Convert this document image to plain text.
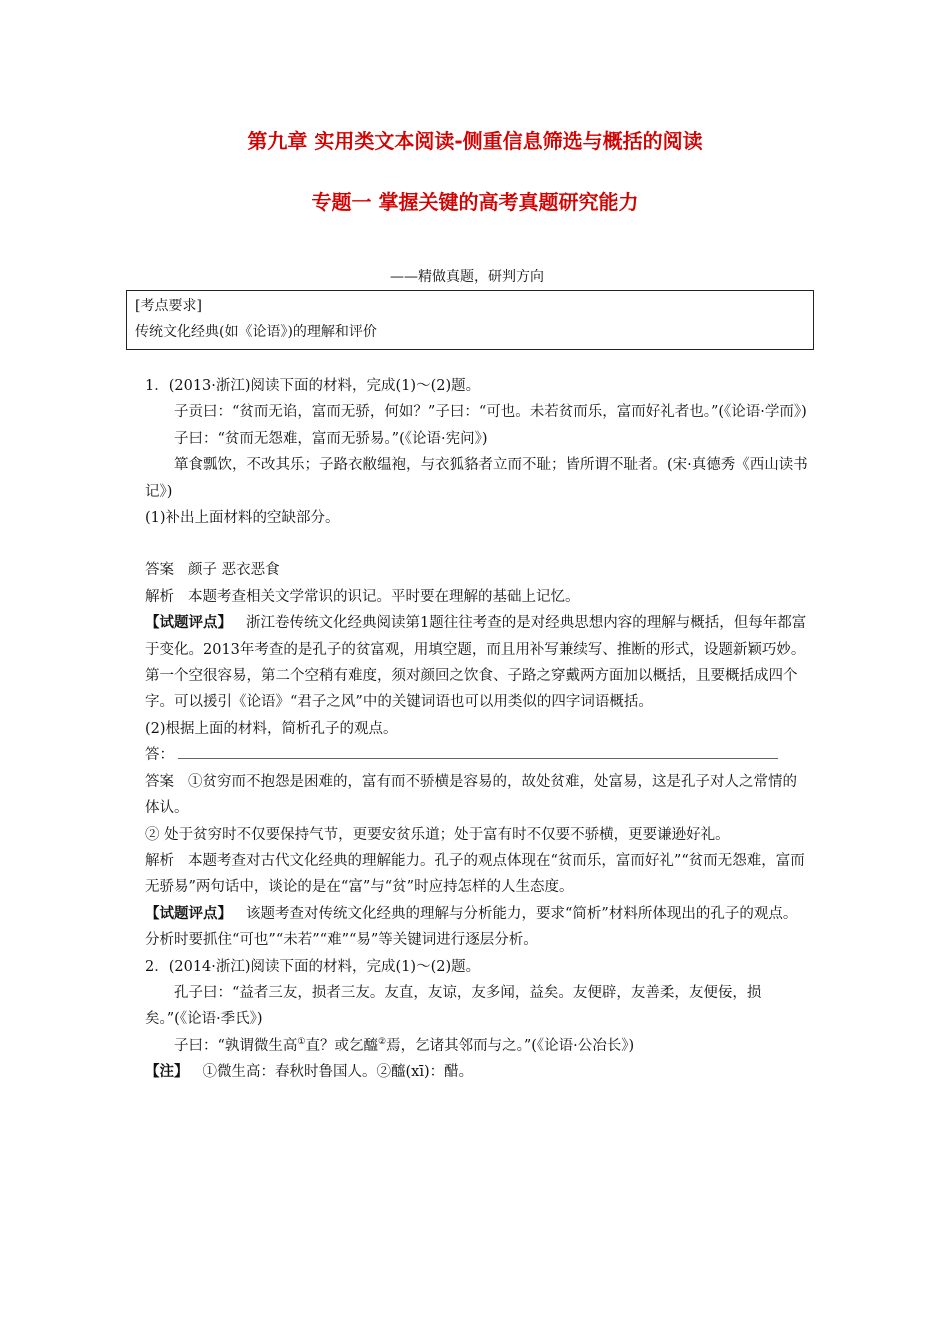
第九章 实用类文本阅读-侧重信息筛选与概括的阅读
专题一 掌握关键的高考真题研究能力
——精做真题，研判方向
[考点要求]
传统文化经典(如《论语》)的理解和评价

1．(2013·浙江)阅读下面的材料，完成(1)～(2)题。

子贡曰：“贫而无谄，富而无骄，何如？”子曰：“可也。未若贫而乐，富而好礼者也。”(《论语·学而》)

子曰：“贫而无怨难，富而无骄易。”(《论语·宪问》)

箪食瓢饮，不改其乐；子路衣敝缊袍，与衣狐貉者立而不耻；皆所谓不耻者。(宋·真德秀《西山读书记》)

(1)补出上面材料的空缺部分。

答案 颜子 恶衣恶食

解析 本题考查相关文学常识的识记。平时要在理解的基础上记忆。

【试题评点】 浙江卷传统文化经典阅读第1题往往考查的是对经典思想内容的理解与概括，但每年都富于变化。2013年考查的是孔子的贫富观，用填空题，而且用补写兼续写、推断的形式，设题新颖巧妙。第一个空很容易，第二个空稍有难度，须对颜回之饮食、子路之穿戴两方面加以概括，且要概括成四个字。可以援引《论语》“君子之风”中的关键词语也可以用类似的四字词语概括。

(2)根据上面的材料，简析孔子的观点。

答：

答案 ①贫穷而不抱怨是困难的，富有而不骄横是容易的，故处贫难，处富易，这是孔子对人之常情的体认。

② 处于贫穷时不仅要保持气节，更要安贫乐道；处于富有时不仅要不骄横，更要谦逊好礼。

解析 本题考查对古代文化经典的理解能力。孔子的观点体现在“贫而乐，富而好礼”“贫而无怨难，富而无骄易”两句话中，谈论的是在“富”与“贫”时应持怎样的人生态度。

【试题评点】 该题考查对传统文化经典的理解与分析能力，要求“简析”材料所体现出的孔子的观点。分析时要抓住“可也”“未若”“难”“易”等关键词进行逐层分析。

2．(2014·浙江)阅读下面的材料，完成(1)～(2)题。

孔子曰：“益者三友，损者三友。友直，友谅，友多闻，益矣。友便辟，友善柔，友便佞，损矣。”(《论语·季氏》)

子曰：“孰谓微生高①直？或乞醯②焉，乞诸其邻而与之。”(《论语·公冶长》)

【注】 ①微生高：春秋时鲁国人。②醯(xī)：醋。
